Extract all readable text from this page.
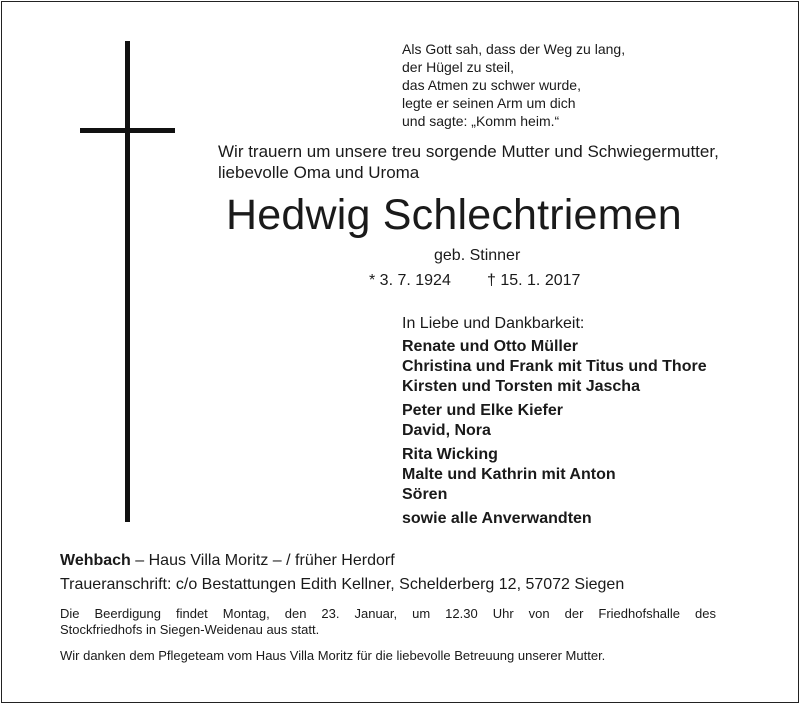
Als Gott sah, dass der Weg zu lang,
der Hügel zu steil,
das Atmen zu schwer wurde,
legte er seinen Arm um dich
und sagte: „Komm heim.“
Wir trauern um unsere treu sorgende Mutter und Schwiegermutter,
liebevolle Oma und Uroma
Hedwig Schlechtriemen
geb. Stinner
* 3. 7. 1924 † 15. 1. 2017
In Liebe und Dankbarkeit:
Renate und Otto Müller
Christina und Frank mit Titus und Thore
Kirsten und Torsten mit Jascha
Peter und Elke Kiefer
David, Nora
Rita Wicking
Malte und Kathrin mit Anton
Sören
sowie alle Anverwandten
Wehbach – Haus Villa Moritz – / früher Herdorf
Traueranschrift: c/o Bestattungen Edith Kellner, Schelderberg 12, 57072 Siegen
Die Beerdigung findet Montag, den 23. Januar, um 12.30 Uhr von der Friedhofshalle des
Stockfriedhofs in Siegen-Weidenau aus statt.
Wir danken dem Pflegeteam vom Haus Villa Moritz für die liebevolle Betreuung unserer Mutter.
